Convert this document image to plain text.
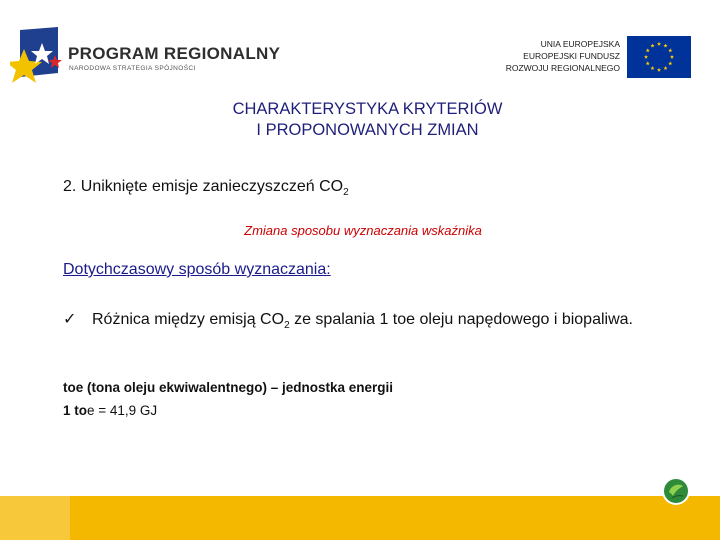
PROGRAM REGIONALNY
NARODOWA STRATEGIA SPÓJNOŚCI
UNIA EUROPEJSKA
EUROPEJSKI FUNDUSZ
ROZWOJU REGIONALNEGO
CHARAKTERYSTYKA KRYTERIÓW
I PROPONOWANYCH ZMIAN
2. Uniknięte emisje zanieczyszczeń $CO_2$
Zmiana sposobu wyznaczania wskaźnika
Dotychczasowy sposób wyznaczania:
✓ Różnica między emisją $CO_2$ ze spalania 1 toe oleju napędowego i biopaliwa.
toe (tona oleju ekwiwalentnego) – jednostka energii
1 toe = 41,9 GJ
6
